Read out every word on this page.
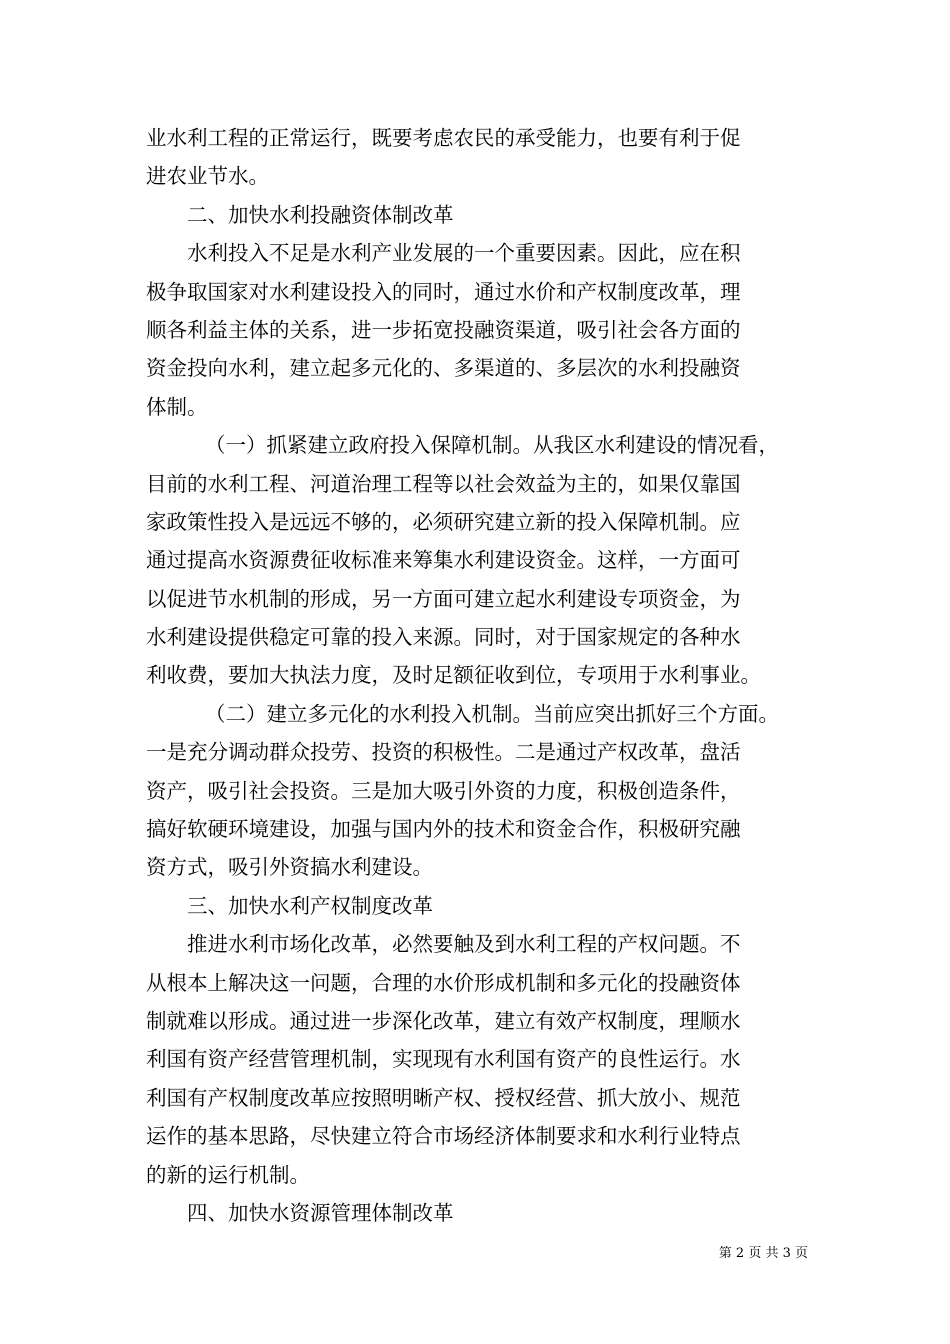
业水利工程的正常运行，既要考虑农民的承受能力，也要有利于促
进农业节水。
二、加快水利投融资体制改革
水利投入不足是水利产业发展的一个重要因素。因此，应在积
极争取国家对水利建设投入的同时，通过水价和产权制度改革，理
顺各利益主体的关系，进一步拓宽投融资渠道，吸引社会各方面的
资金投向水利，建立起多元化的、多渠道的、多层次的水利投融资
体制。
（一）抓紧建立政府投入保障机制。从我区水利建设的情况看，
目前的水利工程、河道治理工程等以社会效益为主的，如果仅靠国
家政策性投入是远远不够的，必须研究建立新的投入保障机制。应
通过提高水资源费征收标准来筹集水利建设资金。这样，一方面可
以促进节水机制的形成，另一方面可建立起水利建设专项资金，为
水利建设提供稳定可靠的投入来源。同时，对于国家规定的各种水
利收费，要加大执法力度，及时足额征收到位，专项用于水利事业。
（二）建立多元化的水利投入机制。当前应突出抓好三个方面。
一是充分调动群众投劳、投资的积极性。二是通过产权改革，盘活
资产，吸引社会投资。三是加大吸引外资的力度，积极创造条件，
搞好软硬环境建设，加强与国内外的技术和资金合作，积极研究融
资方式，吸引外资搞水利建设。
三、加快水利产权制度改革
推进水利市场化改革，必然要触及到水利工程的产权问题。不
从根本上解决这一问题，合理的水价形成机制和多元化的投融资体
制就难以形成。通过进一步深化改革，建立有效产权制度，理顺水
利国有资产经营管理机制，实现现有水利国有资产的良性运行。水
利国有产权制度改革应按照明晰产权、授权经营、抓大放小、规范
运作的基本思路，尽快建立符合市场经济体制要求和水利行业特点
的新的运行机制。
四、加快水资源管理体制改革
第 2 页 共 3 页
